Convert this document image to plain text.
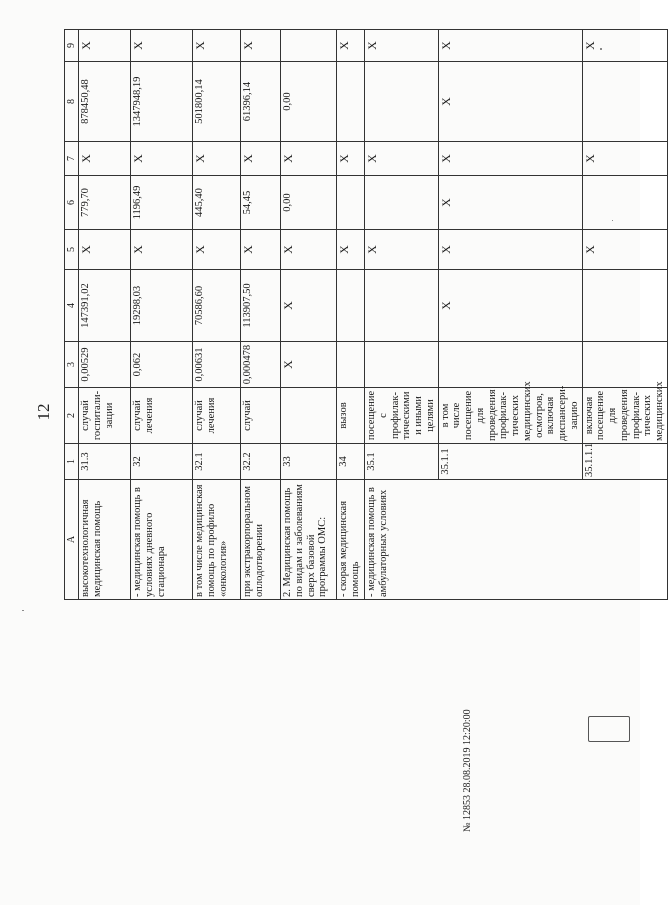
12
А	1	2	3	4	5	6	7	8	9
высокотехнологичная медицинская помощь	31.3	случай госпитали-зации	0,00529	147391,02	X	779,70	X	878450,48	X
- медицинская помощь в условиях дневного стационара	32	случай лечения	0,062	19298,03	X	1196,49	X	1347948,19	X
в том числе медицинская помощь по профилю «онкология»	32.1	случай лечения	0,00631	70586,60	X	445,40	X	501800,14	X
при экстракорпоральном оплодотворении	32.2	случай	0,000478	113907,50	X	54,45	X	61396,14	X
2. Медицинская помощь по видам и заболеваниям сверх базовой программы ОМС:	33		X	X	X	0,00	X	0,00	
- скорая медицинская помощь	34	вызов			X		X		X
- медицинская помощь в амбулаторных условиях	35.1	посещение с профилак-тическими и иными целями			X		X		X
	35.1.1	в том числе посещение для проведения профилак-тических медицинских осмотров, включая диспансери-зацию		X	X	X	X	X	X
	35.1.1.1	включая посещение для проведения профилак-тических медицинских			X		X		X
№ 12853 28.08.2019 12:20:00
